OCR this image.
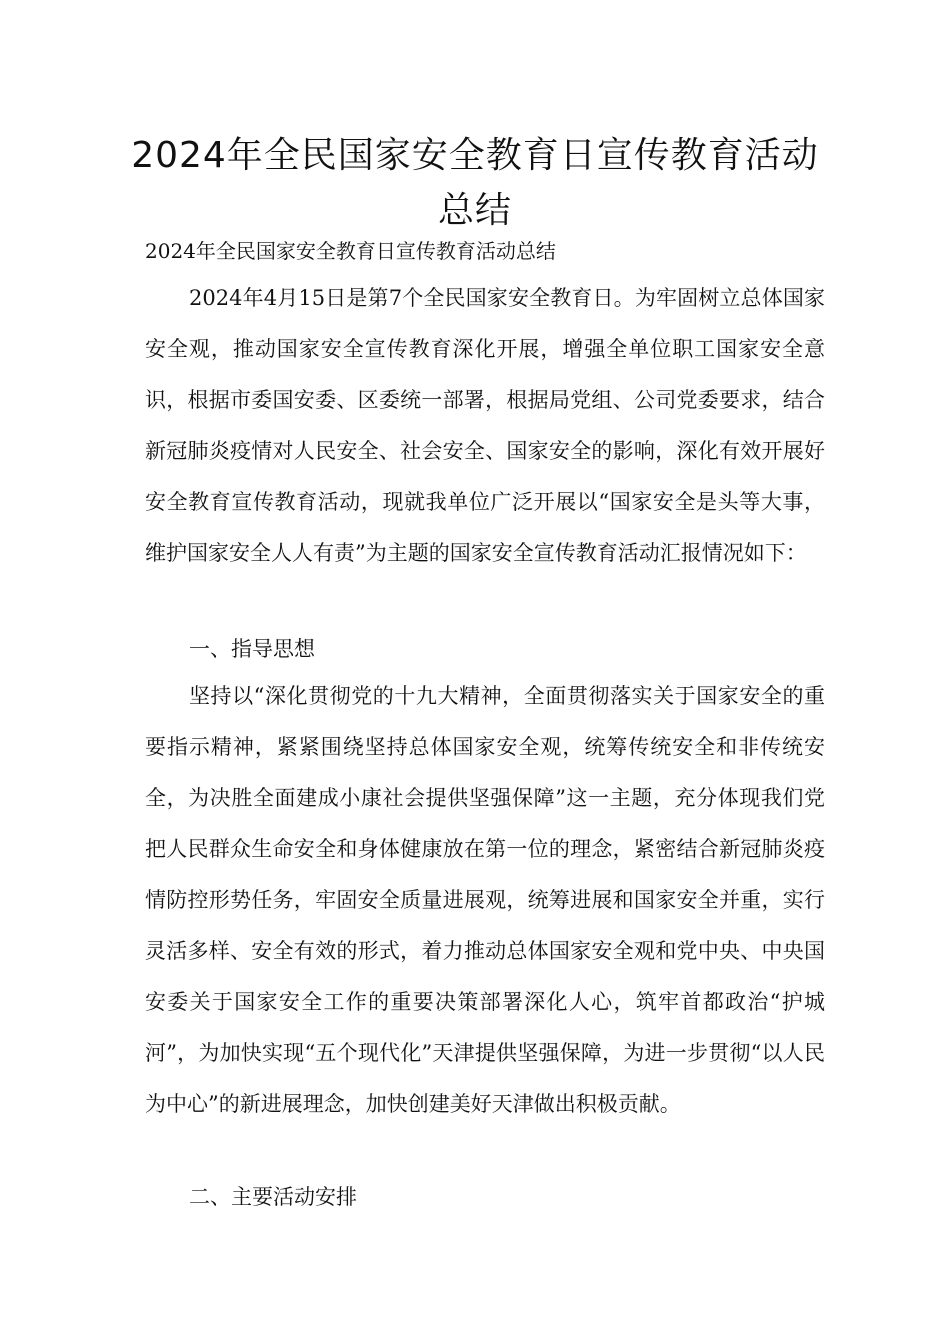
2024年全民国家安全教育日宣传教育活动总结

2024年全民国家安全教育日宣传教育活动总结

2024年4月15日是第7个全民国家安全教育日。为牢固树立总体国家安全观，推动国家安全宣传教育深化开展，增强全单位职工国家安全意识，根据市委国安委、区委统一部署，根据局党组、公司党委要求，结合新冠肺炎疫情对人民安全、社会安全、国家安全的影响，深化有效开展好安全教育宣传教育活动，现就我单位广泛开展以“国家安全是头等大事，维护国家安全人人有责”为主题的国家安全宣传教育活动汇报情况如下：

一、指导思想

坚持以“深化贯彻党的十九大精神，全面贯彻落实关于国家安全的重要指示精神，紧紧围绕坚持总体国家安全观，统筹传统安全和非传统安全，为决胜全面建成小康社会提供坚强保障”这一主题，充分体现我们党把人民群众生命安全和身体健康放在第一位的理念，紧密结合新冠肺炎疫情防控形势任务，牢固安全质量进展观，统筹进展和国家安全并重，实行灵活多样、安全有效的形式，着力推动总体国家安全观和党中央、中央国安委关于国家安全工作的重要决策部署深化人心，筑牢首都政治“护城河”，为加快实现“五个现代化”天津提供坚强保障，为进一步贯彻“以人民为中心”的新进展理念，加快创建美好天津做出积极贡献。

二、主要活动安排
